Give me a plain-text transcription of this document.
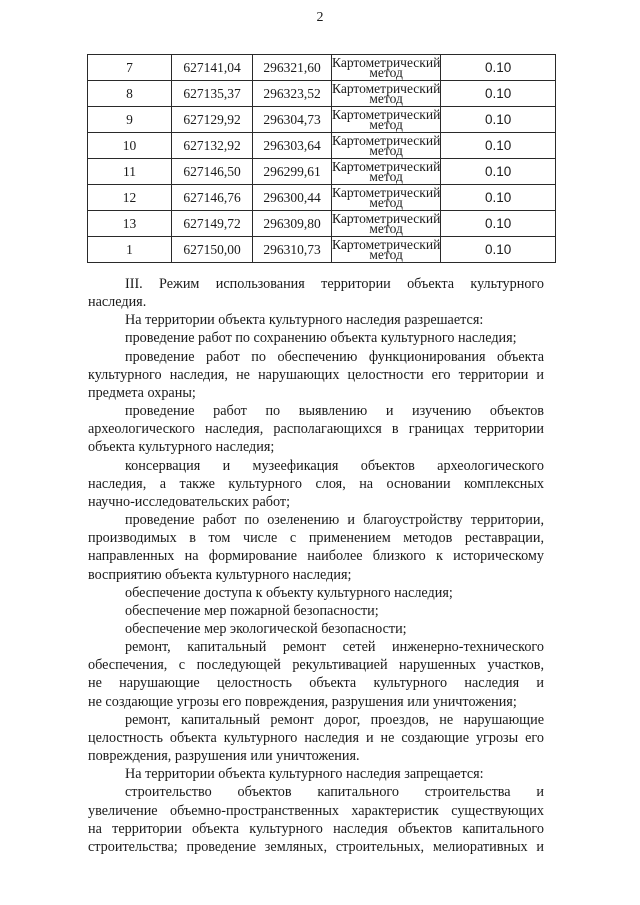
2
7	627141,04	296321,60	Картометрический метод	0.10
8	627135,37	296323,52	Картометрический метод	0.10
9	627129,92	296304,73	Картометрический метод	0.10
10	627132,92	296303,64	Картометрический метод	0.10
11	627146,50	296299,61	Картометрический метод	0.10
12	627146,76	296300,44	Картометрический метод	0.10
13	627149,72	296309,80	Картометрический метод	0.10
1	627150,00	296310,73	Картометрический метод	0.10

III. Режим использования территории объекта культурного

наследия.

На территории объекта культурного наследия разрешается:

проведение работ по сохранению объекта культурного наследия;

проведение работ по обеспечению функционирования объекта

культурного наследия, не нарушающих целостности его территории и

предмета охраны;

проведение работ по выявлению и изучению объектов

археологического наследия, располагающихся в границах территории

объекта культурного наследия;

консервация и музеефикация объектов археологического

наследия, а также культурного слоя, на основании комплексных

научно-исследовательских работ;

проведение работ по озеленению и благоустройству территории,

производимых в том числе с применением методов реставрации,

направленных на формирование наиболее близкого к историческому

восприятию объекта культурного наследия;

обеспечение доступа к объекту культурного наследия;

обеспечение мер пожарной безопасности;

обеспечение мер экологической безопасности;

ремонт, капитальный ремонт сетей инженерно-технического

обеспечения, с последующей рекультивацией нарушенных участков,

не нарушающие целостность объекта культурного наследия и

не создающие угрозы его повреждения, разрушения или уничтожения;

ремонт, капитальный ремонт дорог, проездов, не нарушающие

целостность объекта культурного наследия и не создающие угрозы его

повреждения, разрушения или уничтожения.

На территории объекта культурного наследия запрещается:

строительство объектов капитального строительства и

увеличение объемно-пространственных характеристик существующих

на территории объекта культурного наследия объектов капитального

строительства; проведение земляных, строительных, мелиоративных и
